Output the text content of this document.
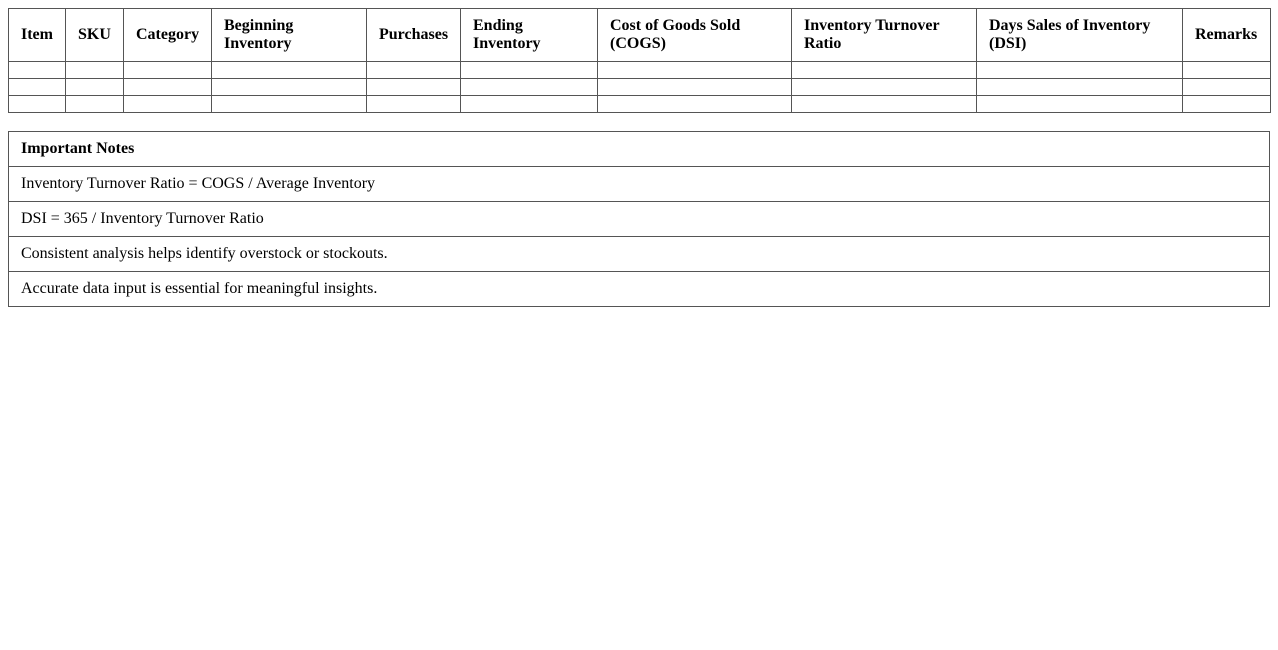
Item	SKU	Category	Beginning Inventory	Purchases	Ending Inventory	Cost of Goods Sold (COGS)	Inventory Turnover Ratio	Days Sales of Inventory (DSI)	Remarks

Important Notes
Inventory Turnover Ratio = COGS / Average Inventory
DSI = 365 / Inventory Turnover Ratio
Consistent analysis helps identify overstock or stockouts.
Accurate data input is essential for meaningful insights.
